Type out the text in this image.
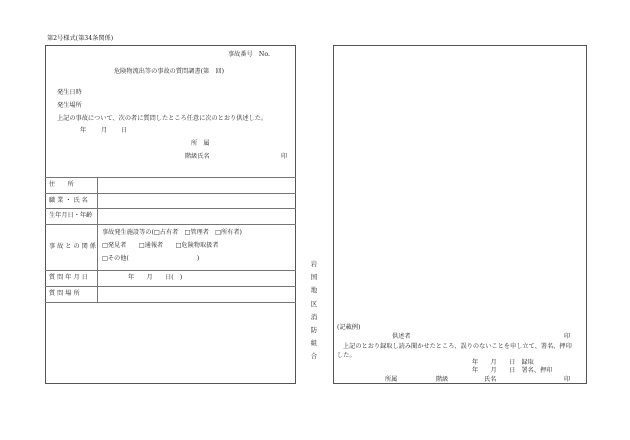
第2号様式(第34条関係)
事故番号　No.
危険物流出等の事故の質問調書(第　回)
発生日時
発生場所
上記の事故について、次の者に質問したところ任意に次のとおり供述した。
年 月 日
所　属
階級氏名	印
住　　所
職 業 ・ 氏 名
生年月日・年齢
事 故 と の 関 係
事故発生施設等の(□占有者　□管理者　□所有者)
□発見者　　□通報者　　□危険物取扱者
□その他(　　　　　　　　　　　)
質 問 年 月 日	年　　月　　日(　)
質 問 場 所
岩
国
地
区
消
防
組
合
(記載例)
供述者	印
上記のとおり録取し読み聞かせたところ、誤りのないことを申し立て、署名、押印した。
年　　月　　日　録取
年　　月　　日　署名、押印
所属	階級	氏名	印
